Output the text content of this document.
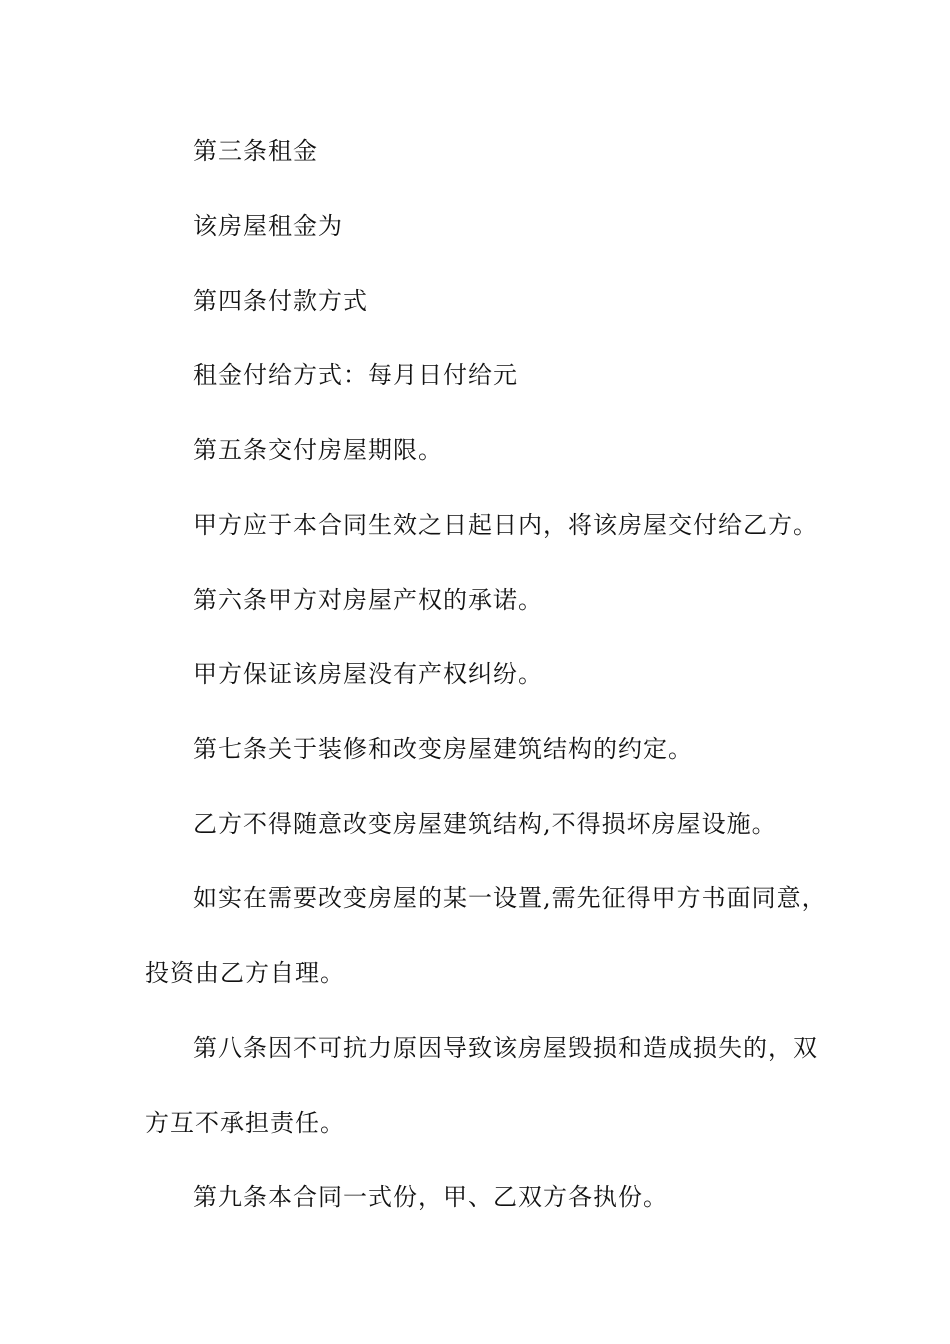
第三条租金
该房屋租金为
第四条付款方式
租金付给方式：每月日付给元
第五条交付房屋期限。
甲方应于本合同生效之日起日内，将该房屋交付给乙方。
第六条甲方对房屋产权的承诺。
甲方保证该房屋没有产权纠纷。
第七条关于装修和改变房屋建筑结构的约定。
乙方不得随意改变房屋建筑结构,不得损坏房屋设施。
如实在需要改变房屋的某一设置,需先征得甲方书面同意，
投资由乙方自理。
第八条因不可抗力原因导致该房屋毁损和造成损失的，双
方互不承担责任。
第九条本合同一式份，甲、乙双方各执份。
